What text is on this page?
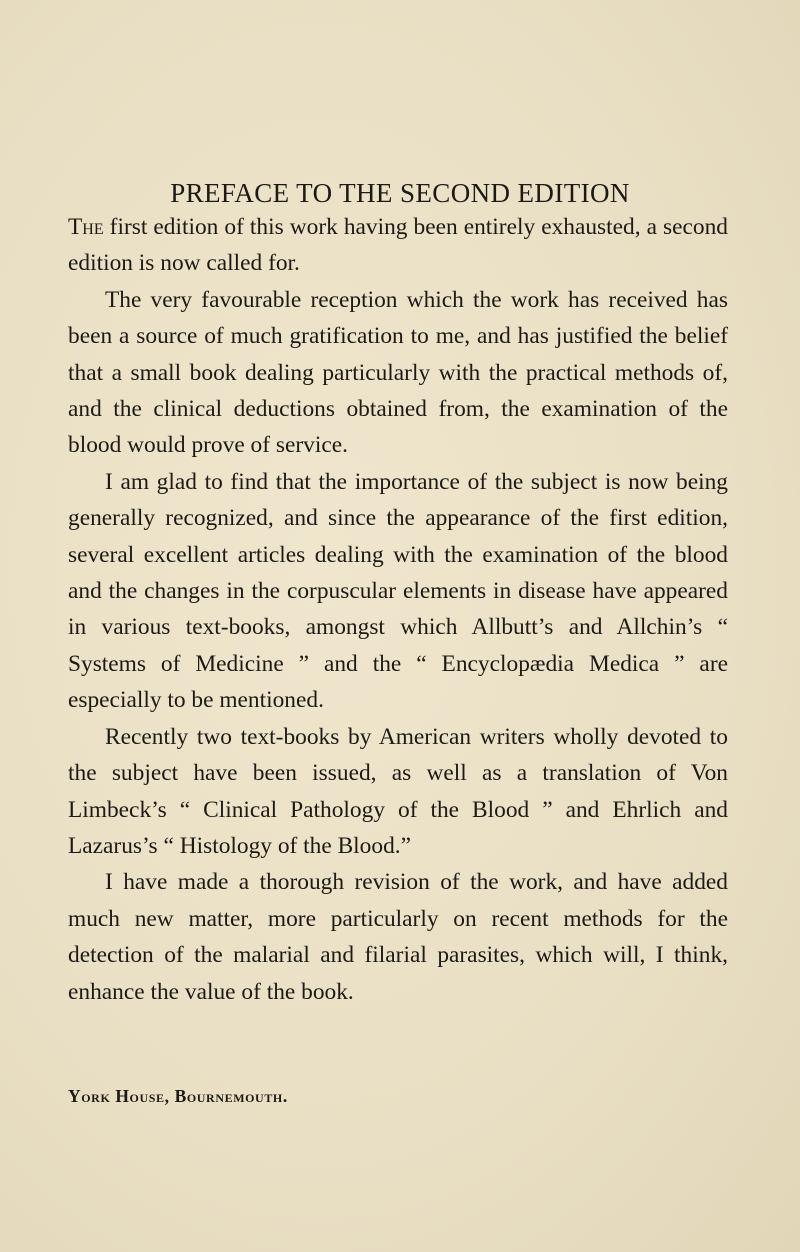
PREFACE TO THE SECOND EDITION

The first edition of this work having been entirely exhausted, a second edition is now called for.

The very favourable reception which the work has received has been a source of much gratification to me, and has justified the belief that a small book dealing particularly with the practical methods of, and the clinical deductions obtained from, the examination of the blood would prove of service.

I am glad to find that the importance of the subject is now being generally recognized, and since the appearance of the first edition, several excellent articles dealing with the examination of the blood and the changes in the corpuscular elements in disease have appeared in various text-books, amongst which Allbutt’s and Allchin’s “ Systems of Medicine ” and the “ Encyclopædia Medica ” are especially to be mentioned.

Recently two text-books by American writers wholly devoted to the subject have been issued, as well as a translation of Von Limbeck’s “ Clinical Pathology of the Blood ” and Ehrlich and Lazarus’s “ Histology of the Blood.”

I have made a thorough revision of the work, and have added much new matter, more particularly on recent methods for the detection of the malarial and filarial parasites, which will, I think, enhance the value of the book.

York House, Bournemouth.
